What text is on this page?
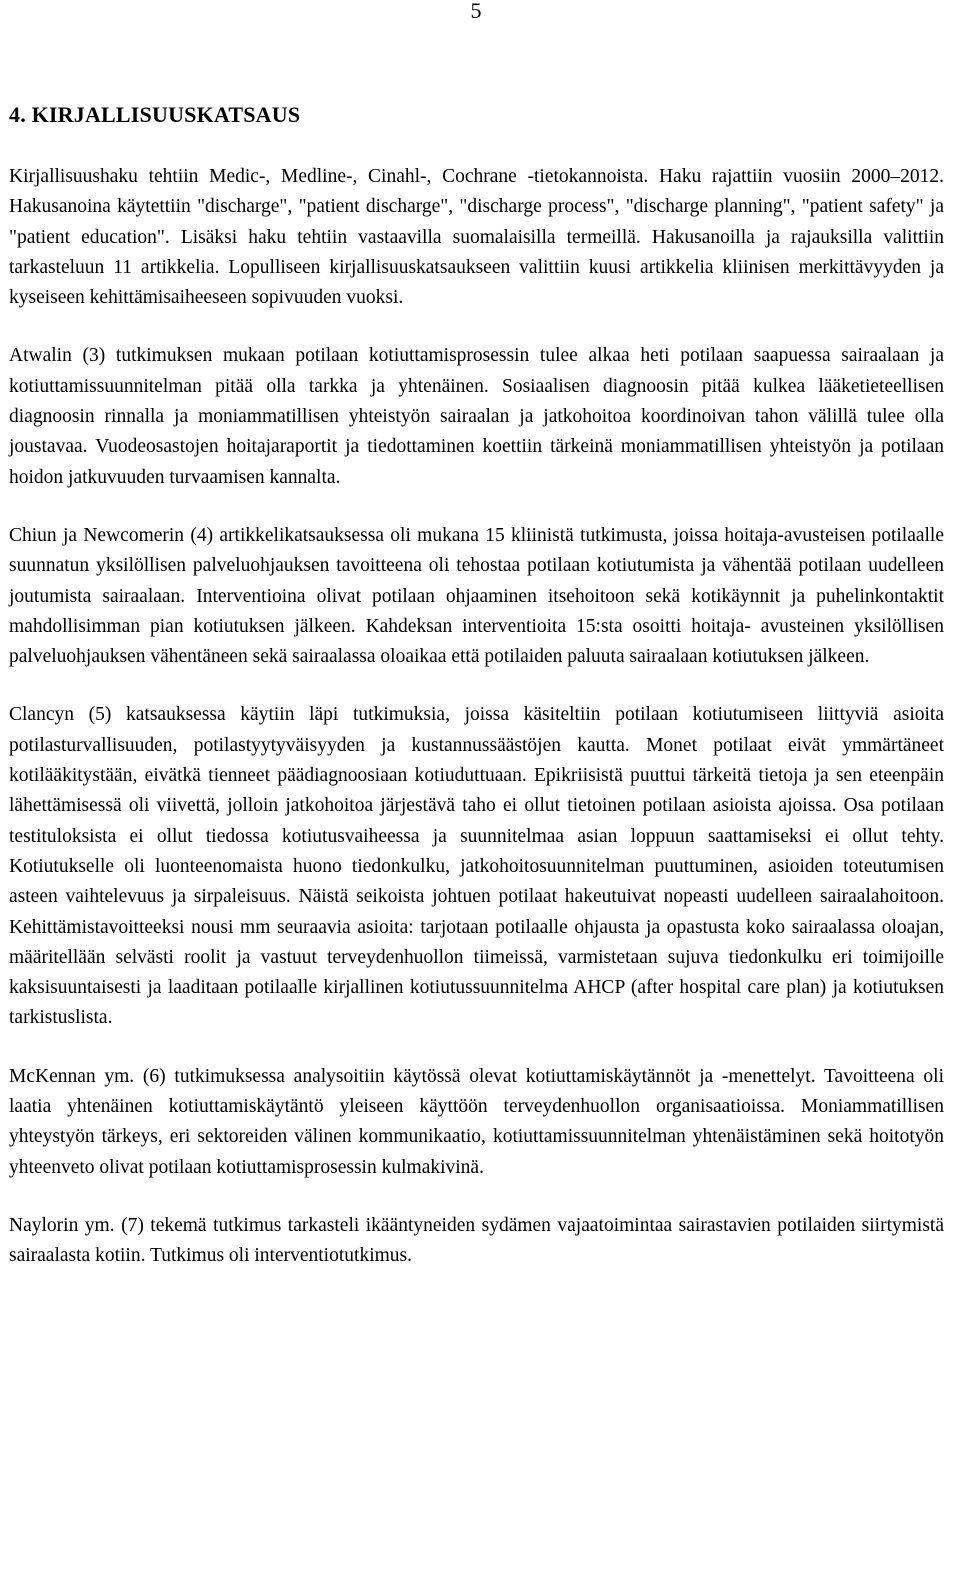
5
4. KIRJALLISUUSKATSAUS

Kirjallisuushaku tehtiin Medic-, Medline-, Cinahl-, Cochrane -tietokannoista. Haku rajattiin vuosiin 2000–2012. Hakusanoina käytettiin "discharge", "patient discharge", "discharge process", "discharge planning", "patient safety" ja "patient education". Lisäksi haku tehtiin vastaavilla suomalaisilla termeillä. Hakusanoilla ja rajauksilla valittiin tarkasteluun 11 artikkelia. Lopulliseen kirjallisuuskatsaukseen valittiin kuusi artikkelia kliinisen merkittävyyden ja kyseiseen kehittämisaiheeseen sopivuuden vuoksi.

Atwalin (3) tutkimuksen mukaan potilaan kotiuttamisprosessin tulee alkaa heti potilaan saapuessa sairaalaan ja kotiuttamissuunnitelman pitää olla tarkka ja yhtenäinen. Sosiaalisen diagnoosin pitää kulkea lääketieteellisen diagnoosin rinnalla ja moniammatillisen yhteistyön sairaalan ja jatkohoitoa koordinoivan tahon välillä tulee olla joustavaa. Vuodeosastojen hoitajaraportit ja tiedottaminen koettiin tärkeinä moniammatillisen yhteistyön ja potilaan hoidon jatkuvuuden turvaamisen kannalta.

Chiun ja Newcomerin (4) artikkelikatsauksessa oli mukana 15 kliinistä tutkimusta, joissa hoitaja-avusteisen potilaalle suunnatun yksilöllisen palveluohjauksen tavoitteena oli tehostaa potilaan kotiutumista ja vähentää potilaan uudelleen joutumista sairaalaan. Interventioina olivat potilaan ohjaaminen itsehoitoon sekä kotikäynnit ja puhelinkontaktit mahdollisimman pian kotiutuksen jälkeen. Kahdeksan interventioita 15:sta osoitti hoitaja- avusteinen yksilöllisen palveluohjauksen vähentäneen sekä sairaalassa oloaikaa että potilaiden paluuta sairaalaan kotiutuksen jälkeen.

Clancyn (5) katsauksessa käytiin läpi tutkimuksia, joissa käsiteltiin potilaan kotiutumiseen liittyviä asioita potilasturvallisuuden, potilastyytyväisyyden ja kustannussäästöjen kautta. Monet potilaat eivät ymmärtäneet kotilääkitystään, eivätkä tienneet päädiagnoosiaan kotiuduttuaan. Epikriisistä puuttui tärkeitä tietoja ja sen eteenpäin lähettämisessä oli viivettä, jolloin jatkohoitoa järjestävä taho ei ollut tietoinen potilaan asioista ajoissa. Osa potilaan testituloksista ei ollut tiedossa kotiutusvaiheessa ja suunnitelmaa asian loppuun saattamiseksi ei ollut tehty. Kotiutukselle oli luonteenomaista huono tiedonkulku, jatkohoitosuunnitelman puuttuminen, asioiden toteutumisen asteen vaihtelevuus ja sirpaleisuus. Näistä seikoista johtuen potilaat hakeutuivat nopeasti uudelleen sairaalahoitoon. Kehittämistavoitteeksi nousi mm seuraavia asioita: tarjotaan potilaalle ohjausta ja opastusta koko sairaalassa oloajan, määritellään selvästi roolit ja vastuut terveydenhuollon tiimeissä, varmistetaan sujuva tiedonkulku eri toimijoille kaksisuuntaisesti ja laaditaan potilaalle kirjallinen kotiutussuunnitelma AHCP (after hospital care plan) ja kotiutuksen tarkistuslista.

McKennan ym. (6) tutkimuksessa analysoitiin käytössä olevat kotiuttamiskäytännöt ja -menettelyt. Tavoitteena oli laatia yhtenäinen kotiuttamiskäytäntö yleiseen käyttöön terveydenhuollon organisaatioissa. Moniammatillisen yhteystyön tärkeys, eri sektoreiden välinen kommunikaatio, kotiuttamissuunnitelman yhtenäistäminen sekä hoitotyön yhteenveto olivat potilaan kotiuttamisprosessin kulmakivinä.

Naylorin ym. (7) tekemä tutkimus tarkasteli ikääntyneiden sydämen vajaatoimintaa sairastavien potilaiden siirtymistä sairaalasta kotiin. Tutkimus oli interventiotutkimus.
